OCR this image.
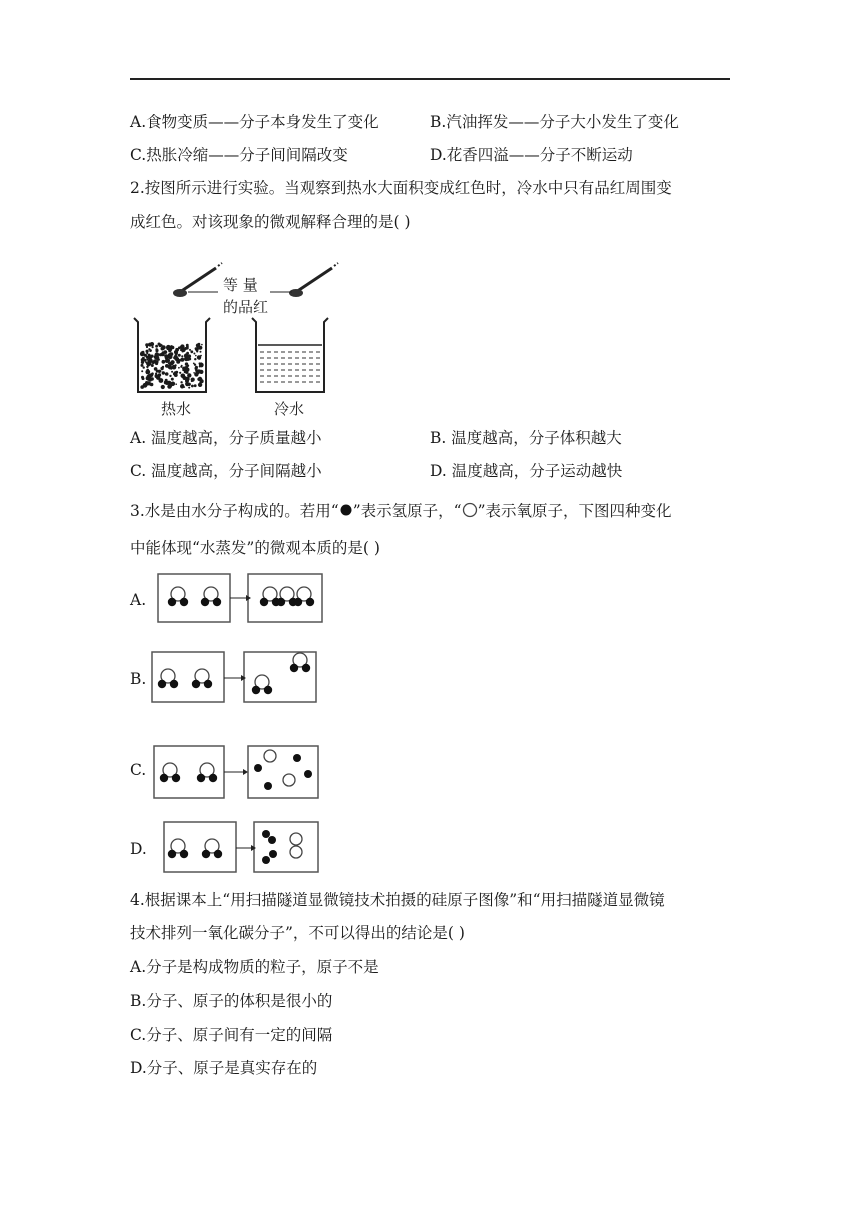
A.食物变质——分子本身发生了变化	B.汽油挥发——分子大小发生了变化
C.热胀冷缩——分子间间隔改变	D.花香四溢——分子不断运动
2.按图所示进行实验。当观察到热水大面积变成红色时，冷水中只有品红周围变
成红色。对该现象的微观解释合理的是( )
等 量
的品红
热水	冷水
A. 温度越高，分子质量越小	B. 温度越高，分子体积越大
C. 温度越高，分子间隔越小	D. 温度越高，分子运动越快
3.水是由水分子构成的。若用“ ”表示氢原子，“ ”表示氧原子，下图四种变化
中能体现“水蒸发”的微观本质的是( )
A.
B.
C.
D.
4.根据课本上“用扫描隧道显微镜技术拍摄的硅原子图像”和“用扫描隧道显微镜
技术排列一氧化碳分子”，不可以得出的结论是( )
A.分子是构成物质的粒子，原子不是
B.分子、原子的体积是很小的
C.分子、原子间有一定的间隔
D.分子、原子是真实存在的
